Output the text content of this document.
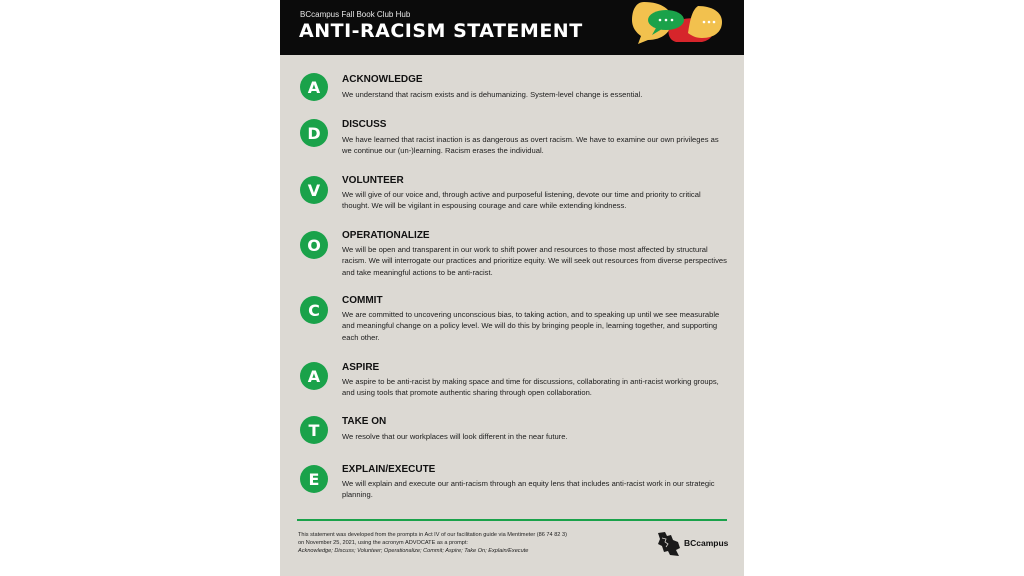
BCcampus Fall Book Club Hub
ANTI-RACISM STATEMENT
A	ACKNOWLEDGE
We understand that racism exists and is dehumanizing. System-level change is essential.
D	DISCUSS
We have learned that racist inaction is as dangerous as overt racism. We have to examine our own privileges as we continue our (un-)learning. Racism erases the individual.
V	VOLUNTEER
We will give of our voice and, through active and purposeful listening, devote our time and priority to critical thought. We will be vigilant in espousing courage and care while extending kindness.
O	OPERATIONALIZE
We will be open and transparent in our work to shift power and resources to those most affected by structural racism. We will interrogate our practices and prioritize equity. We will seek out resources from diverse perspectives and take meaningful actions to be anti-racist.
C	COMMIT
We are committed to uncovering unconscious bias, to taking action, and to speaking up until we see measurable and meaningful change on a policy level. We will do this by bringing people in, learning together, and supporting each other.
A	ASPIRE
We aspire to be anti-racist by making space and time for discussions, collaborating in anti-racist working groups, and using tools that promote authentic sharing through open collaboration.
T	TAKE ON
We resolve that our workplaces will look different in the near future.
E	EXPLAIN/EXECUTE
We will explain and execute our anti-racism through an equity lens that includes anti-racist work in our strategic planning.
This statement was developed from the prompts in Act IV of our facilitation guide via Mentimeter (86 74 82 3)
on November 25, 2021, using the acronym ADVOCATE as a prompt:
Acknowledge; Discuss; Volunteer; Operationalize; Commit; Aspire; Take On; Explain/Execute
BCcampus
